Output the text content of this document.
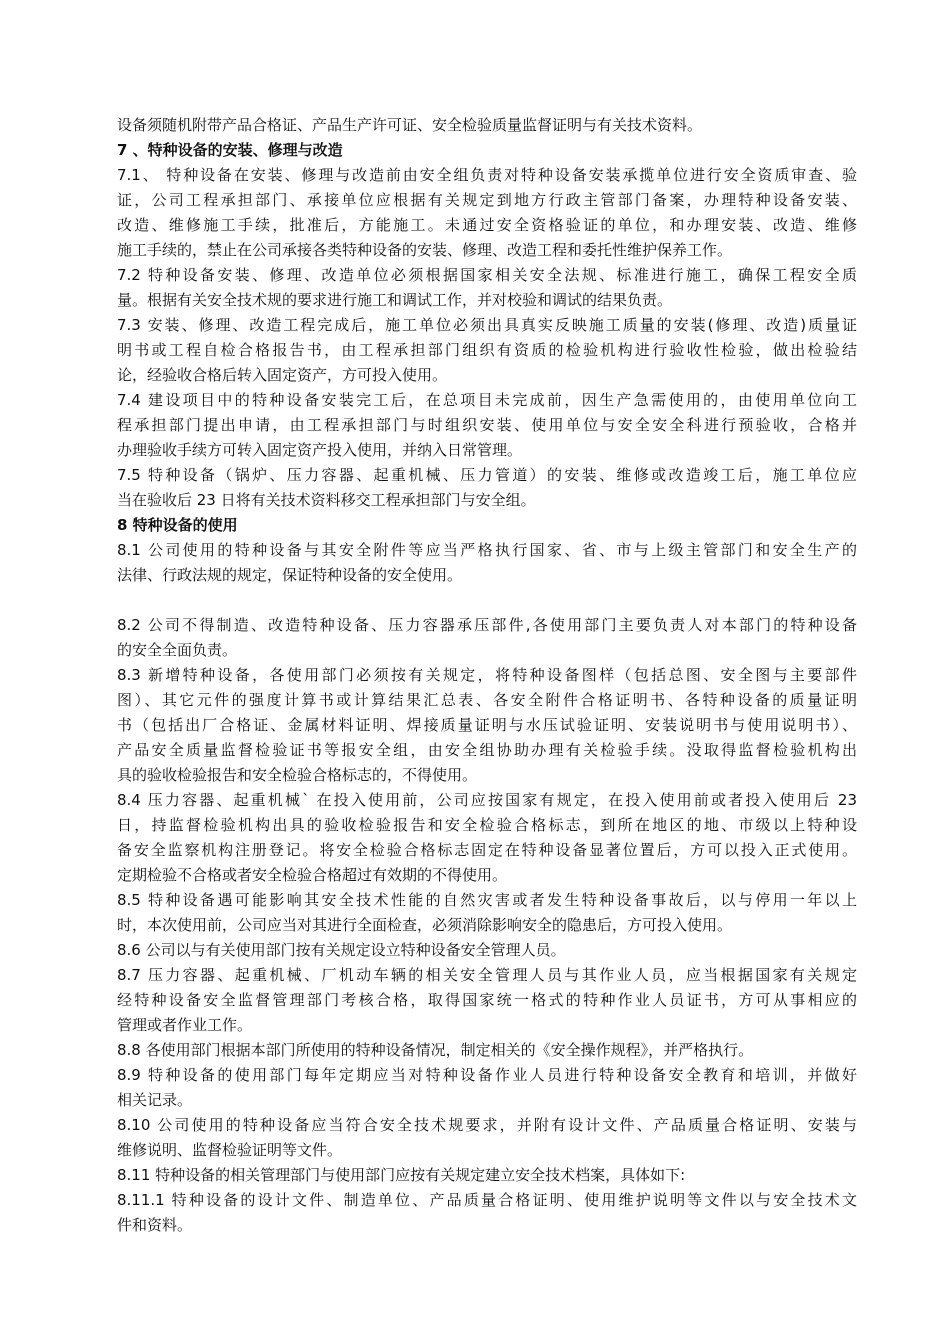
设备须随机附带产品合格证、产品生产许可证、安全检验质量监督证明与有关技术资料。
7 、特种设备的安装、修理与改造
7.1、 特种设备在安装、修理与改造前由安全组负责对特种设备安装承揽单位进行安全资质审查、验
证，公司工程承担部门、承接单位应根据有关规定到地方行政主管部门备案，办理特种设备安装、
改造、维修施工手续，批准后，方能施工。未通过安全资格验证的单位，和办理安装、改造、维修
施工手续的，禁止在公司承接各类特种设备的安装、修理、改造工程和委托性维护保养工作。
7.2 特种设备安装、修理、改造单位必须根据国家相关安全法规、标准进行施工，确保工程安全质
量。根据有关安全技术规的要求进行施工和调试工作，并对校验和调试的结果负责。
7.3 安装、修理、改造工程完成后，施工单位必须出具真实反映施工质量的安装(修理、改造)质量证
明书或工程自检合格报告书，由工程承担部门组织有资质的检验机构进行验收性检验，做出检验结
论，经验收合格后转入固定资产，方可投入使用。
7.4 建设项目中的特种设备安装完工后，在总项目未完成前，因生产急需使用的，由使用单位向工
程承担部门提出申请，由工程承担部门与时组织安装、使用单位与安全安全科进行预验收，合格并
办理验收手续方可转入固定资产投入使用，并纳入日常管理。
7.5 特种设备（锅炉、压力容器、起重机械、压力管道）的安装、维修或改造竣工后，施工单位应
当在验收后 23 日将有关技术资料移交工程承担部门与安全组。
8 特种设备的使用
8.1 公司使用的特种设备与其安全附件等应当严格执行国家、省、市与上级主管部门和安全生产的
法律、行政法规的规定，保证特种设备的安全使用。
8.2 公司不得制造、改造特种设备、压力容器承压部件,各使用部门主要负责人对本部门的特种设备
的安全全面负责。
8.3 新增特种设备，各使用部门必须按有关规定，将特种设备图样（包括总图、安全图与主要部件
图）、其它元件的强度计算书或计算结果汇总表、各安全附件合格证明书、各特种设备的质量证明
书（包括出厂合格证、金属材料证明、焊接质量证明与水压试验证明、安装说明书与使用说明书）、
产品安全质量监督检验证书等报安全组，由安全组协助办理有关检验手续。没取得监督检验机构出
具的验收检验报告和安全检验合格标志的，不得使用。
8.4 压力容器、起重机械` 在投入使用前，公司应按国家有规定，在投入使用前或者投入使用后 23
日，持监督检验机构出具的验收检验报告和安全检验合格标志，到所在地区的地、市级以上特种设
备安全监察机构注册登记。将安全检验合格标志固定在特种设备显著位置后，方可以投入正式使用。
定期检验不合格或者安全检验合格超过有效期的不得使用。
8.5 特种设备遇可能影响其安全技术性能的自然灾害或者发生特种设备事故后，以与停用一年以上
时，本次使用前，公司应当对其进行全面检查，必须消除影响安全的隐患后，方可投入使用。
8.6 公司以与有关使用部门按有关规定设立特种设备安全管理人员。
8.7 压力容器、起重机械、厂机动车辆的相关安全管理人员与其作业人员，应当根据国家有关规定
经特种设备安全监督管理部门考核合格，取得国家统一格式的特种作业人员证书，方可从事相应的
管理或者作业工作。
8.8 各使用部门根据本部门所使用的特种设备情况，制定相关的《安全操作规程》，并严格执行。
8.9 特种设备的使用部门每年定期应当对特种设备作业人员进行特种设备安全教育和培训，并做好
相关记录。
8.10 公司使用的特种设备应当符合安全技术规要求，并附有设计文件、产品质量合格证明、安装与
维修说明、监督检验证明等文件。
8.11 特种设备的相关管理部门与使用部门应按有关规定建立安全技术档案，具体如下:
8.11.1 特种设备的设计文件、制造单位、产品质量合格证明、使用维护说明等文件以与安全技术文
件和资料。
